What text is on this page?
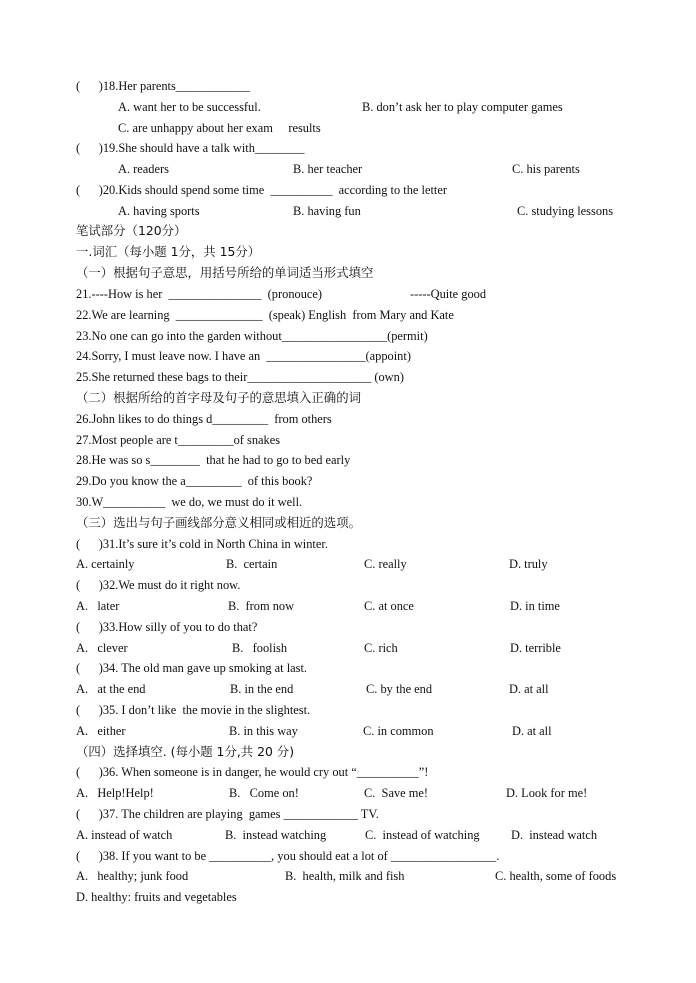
(      )18.Her parents____________
A. want her to be successful.	B. don’t ask her to play computer games
C. are unhappy about her exam     results
(      )19.She should have a talk with________
A. readers	B. her teacher	C. his parents
(      )20.Kids should spend some time  __________  according to the letter
A. having sports	B. having fun	C. studying lessons
笔试部分（120分）
一.词汇（每小题 1分，共 15分）
（一）根据句子意思，用括号所给的单词适当形式填空
21.----How is her  _______________  (pronouce)	-----Quite good
22.We are learning  ______________  (speak) English  from Mary and Kate
23.No one can go into the garden without_________________(permit)
24.Sorry, I must leave now. I have an  ________________(appoint)
25.She returned these bags to their____________________ (own)
（二）根据所给的首字母及句子的意思填入正确的词
26.John likes to do things d_________  from others
27.Most people are t_________of snakes
28.He was so s________  that he had to go to bed early
29.Do you know the a_________  of this book?
30.W__________  we do, we must do it well.
（三）选出与句子画线部分意义相同或相近的选项。
(      )31.It’s sure it’s cold in North China in winter.
A. certainly	B.  certain	C. really	D. truly
(      )32.We must do it right now.
A.   later	B.  from now	C. at once	D. in time
(      )33.How silly of you to do that?
A.   clever	B.   foolish	C. rich	D. terrible
(      )34. The old man gave up smoking at last.
A.   at the end	B. in the end	C. by the end	D. at all
(      )35. I don’t like  the movie in the slightest.
A.   either	B. in this way	C. in common	D. at all
（四）选择填空. (每小题 1分,共 20 分)
(      )36. When someone is in danger, he would cry out “__________”!
A.   Help!Help!	B.   Come on!	C.  Save me!	D. Look for me!
(      )37. The children are playing  games ____________ TV.
A. instead of watch	B.  instead watching	C.  instead of watching	D.  instead watch
(      )38. If you want to be __________, you should eat a lot of _________________.
A.   healthy; junk food	B.  health, milk and fish	C. health, some of foods
D. healthy: fruits and vegetables
